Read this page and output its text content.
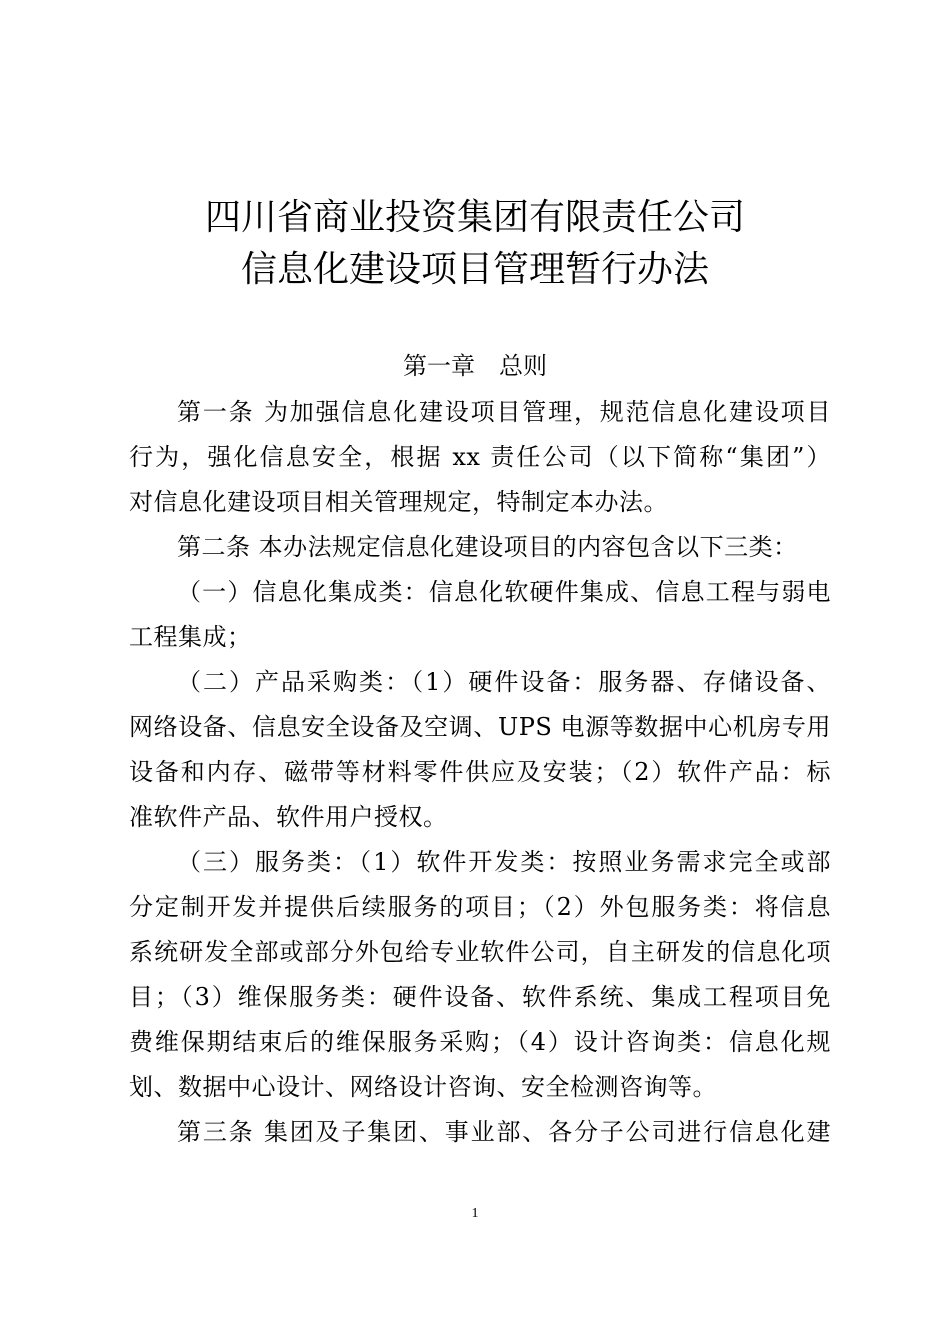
四川省商业投资集团有限责任公司
信息化建设项目管理暂行办法
第一章　总则
第一条 为加强信息化建设项目管理，规范信息化建设项目
行为，强化信息安全，根据 xx 责任公司（以下简称“集团”）
对信息化建设项目相关管理规定，特制定本办法。
第二条 本办法规定信息化建设项目的内容包含以下三类：
（一）信息化集成类：信息化软硬件集成、信息工程与弱电
工程集成；
（二）产品采购类：（1）硬件设备：服务器、存储设备、
网络设备、信息安全设备及空调、UPS 电源等数据中心机房专用
设备和内存、磁带等材料零件供应及安装；（2）软件产品：标
准软件产品、软件用户授权。
（三）服务类：（1）软件开发类：按照业务需求完全或部
分定制开发并提供后续服务的项目；（2）外包服务类：将信息
系统研发全部或部分外包给专业软件公司，自主研发的信息化项
目；（3）维保服务类：硬件设备、软件系统、集成工程项目免
费维保期结束后的维保服务采购；（4）设计咨询类：信息化规
划、数据中心设计、网络设计咨询、安全检测咨询等。
第三条 集团及子集团、事业部、各分子公司进行信息化建
1
